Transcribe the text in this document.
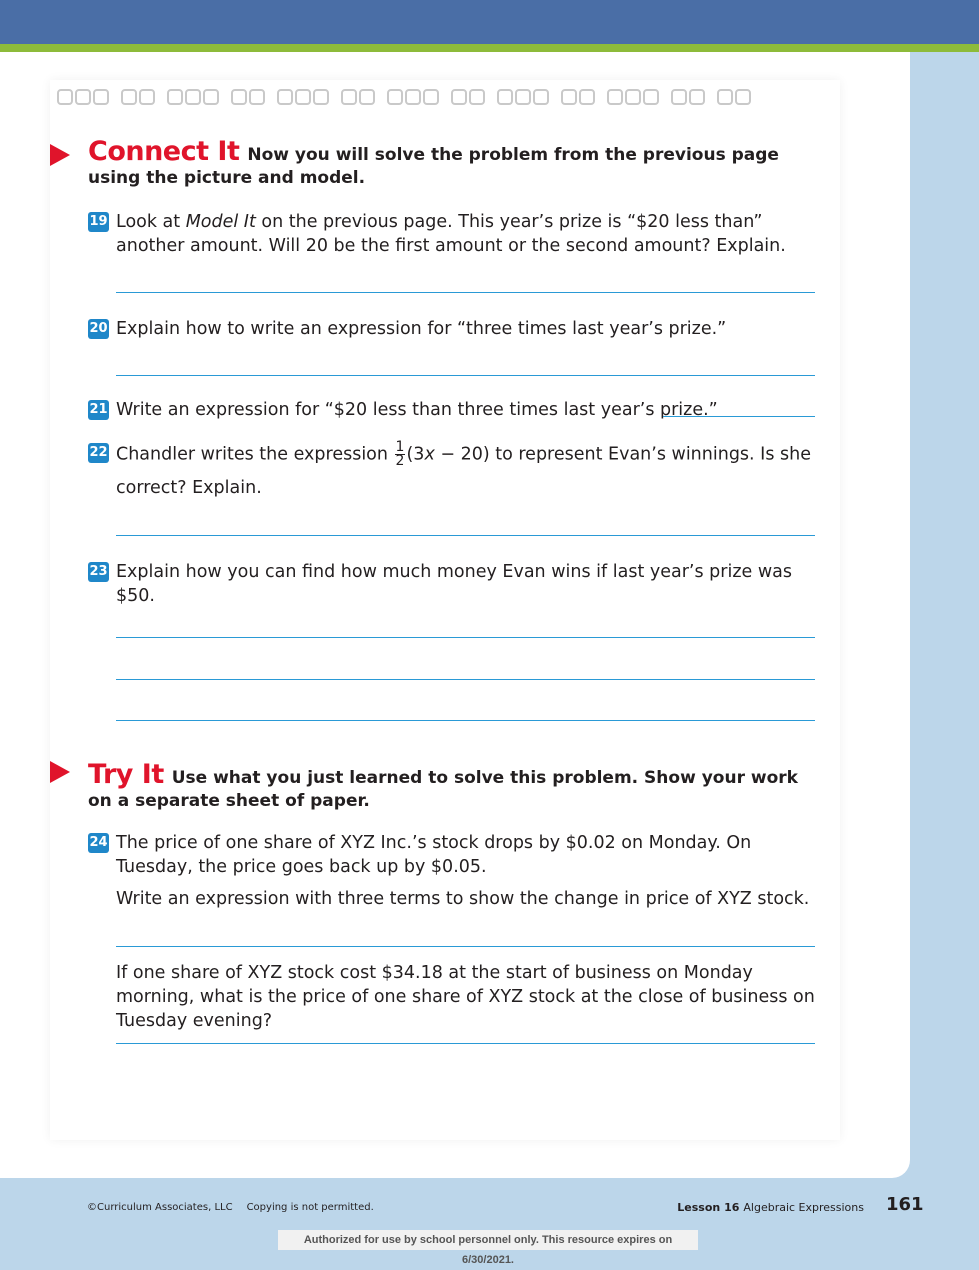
Connect It Now you will solve the problem from the previous page using the picture and model.
19 Look at Model It on the previous page. This year’s prize is “$20 less than” another amount. Will 20 be the first amount or the second amount? Explain.
20 Explain how to write an expression for “three times last year’s prize.”
21 Write an expression for “$20 less than three times last year’s prize.”
22 Chandler writes the expression $\frac{1}{2} (3x - 20)$ to represent Evan’s winnings. Is she
correct? Explain.
23 Explain how you can find how much money Evan wins if last year’s prize was $50.
Try It Use what you just learned to solve this problem. Show your work on a separate sheet of paper.
24 The price of one share of XYZ Inc.’s stock drops by $0.02 on Monday. On Tuesday, the price goes back up by $0.05.
Write an expression with three terms to show the change in price of XYZ stock.
If one share of XYZ stock cost $34.18 at the start of business on Monday morning, what is the price of one share of XYZ stock at the close of business on Tuesday evening?
©Curriculum Associates, LLC Copying is not permitted.	Lesson 16 Algebraic Expressions 161
Authorized for use by school personnel only. This resource expires on 6/30/2021.
